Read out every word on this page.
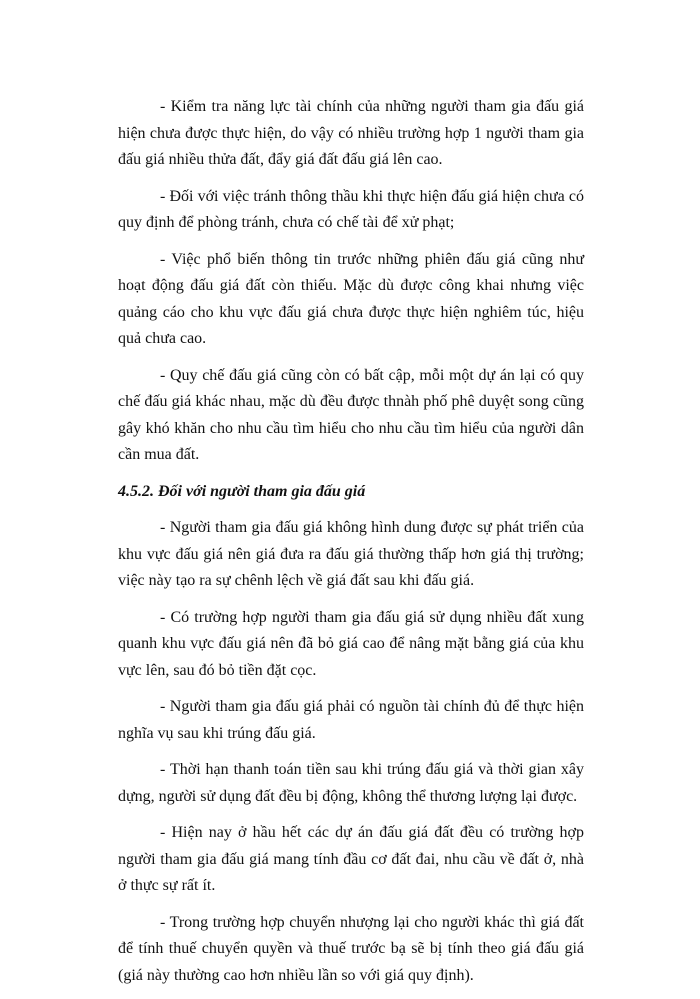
- Kiểm tra năng lực tài chính của những người tham gia đấu giá hiện chưa được thực hiện, do vậy có nhiều trường hợp 1 người tham gia đấu giá nhiều thửa đất, đẩy giá đất đấu giá lên cao.

- Đối với việc tránh thông thầu khi thực hiện đấu giá hiện chưa có quy định để phòng tránh, chưa có chế tài để xử phạt;

- Việc phổ biến thông tin trước những phiên đấu giá cũng như hoạt động đấu giá đất còn thiếu. Mặc dù được công khai nhưng việc quảng cáo cho khu vực đấu giá chưa được thực hiện nghiêm túc, hiệu quả chưa cao.

- Quy chế đấu giá cũng còn có bất cập, mỗi một dự án lại có quy chế đấu giá khác nhau, mặc dù đều được thnàh phố phê duyệt song cũng gây khó khăn cho nhu cầu tìm hiểu cho nhu cầu tìm hiểu của người dân cần mua đất.

4.5.2. Đối với người tham gia đấu giá

- Người tham gia đấu giá không hình dung được sự phát triển của khu vực đấu giá nên giá đưa ra đấu giá thường thấp hơn giá thị trường; việc này tạo ra sự chênh lệch về giá đất sau khi đấu giá.

- Có trường hợp người tham gia đấu giá sử dụng nhiều đất xung quanh khu vực đấu giá nên đã bỏ giá cao để nâng mặt bằng giá của khu vực lên, sau đó bỏ tiền đặt cọc.

- Người tham gia đấu giá phải có nguồn tài chính đủ để thực hiện nghĩa vụ sau khi trúng đấu giá.

- Thời hạn thanh toán tiền sau khi trúng đấu giá và thời gian xây dựng, người sử dụng đất đều bị động, không thể thương lượng lại được.

- Hiện nay ở hầu hết các dự án đấu giá đất đều có trường hợp người tham gia đấu giá mang tính đầu cơ đất đai, nhu cầu về đất ở, nhà ở thực sự rất ít.

- Trong trường hợp chuyển nhượng lại cho người khác thì giá đất để tính thuế chuyển quyền và thuế trước bạ sẽ bị tính theo giá đấu giá (giá này thường cao hơn nhiều lần so với giá quy định).
